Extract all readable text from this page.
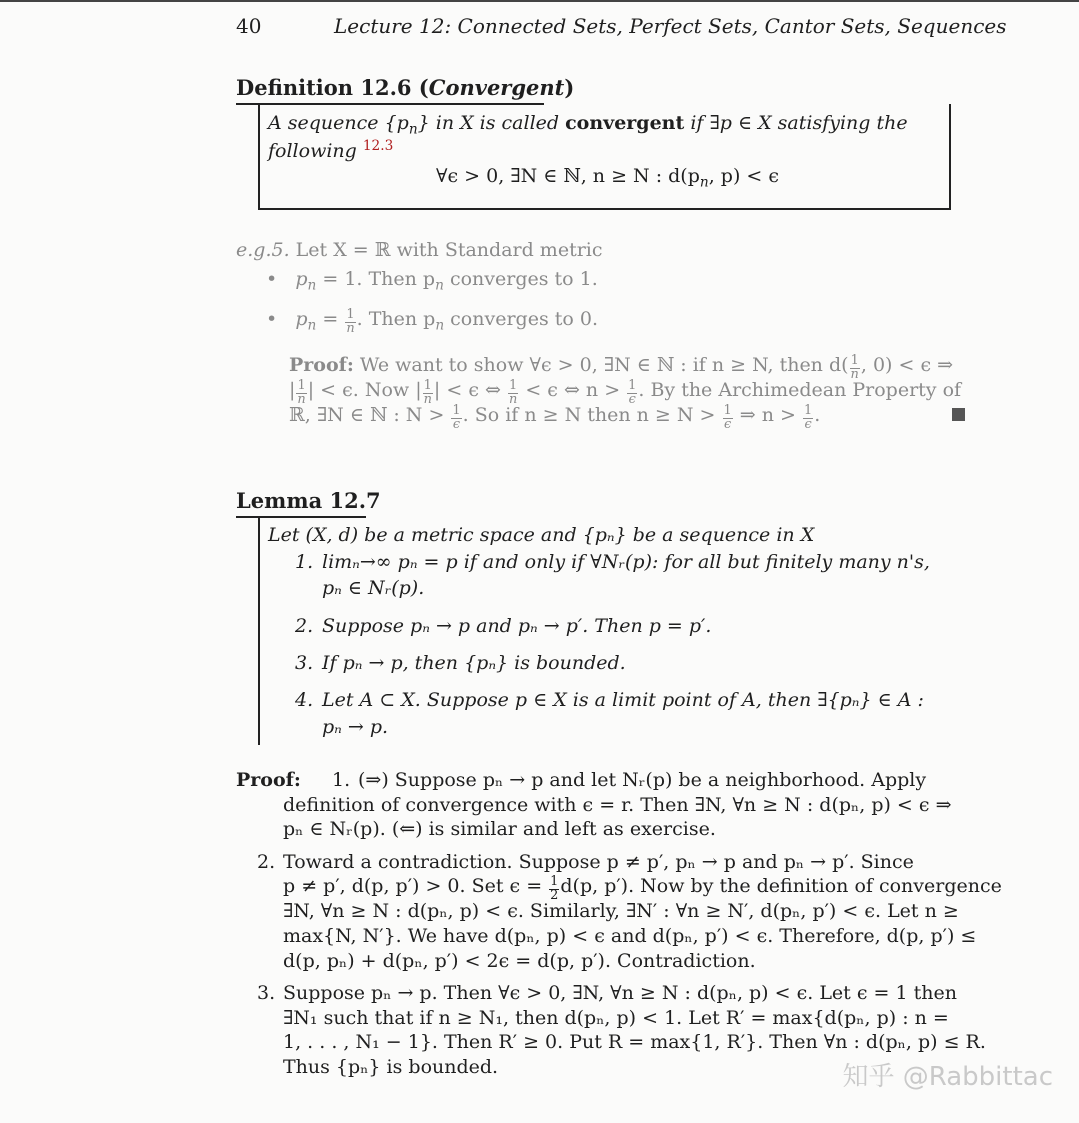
40	Lecture 12: Connected Sets, Perfect Sets, Cantor Sets, Sequences
Definition 12.6 (Convergent)
A sequence $\{p_n\}$ in X is called convergent if ∃p ∈ X satisfying the
following $^{12.3}$
∀ϵ > 0, ∃N ∈ ℕ, n ≥ N : $d(p_n$, p) < ϵ
e.g.5. Let X = ℝ with Standard metric
• $p_n = 1$. Then $p_n$ converges to 1.
• $p_n = \frac{1}{n}$ . Then $p_n$ converges to 0.
Proof: We want to show ∀ϵ > 0, ∃N ∈ ℕ : if n ≥ N, then $d( \frac{1}{n}$ , 0) < ϵ ⇒
| $\frac{1}{n}$ | < ϵ. Now | $\frac{1}{n}$ | < ϵ ⇔ $\frac{1}{n} < \epsilon$ ⇔ $n > \frac{1}{\epsilon}$ . By the Archimedean Property of
ℝ, ∃N ∈ ℕ : $N > \frac{1}{\epsilon}$ . So if n ≥ N then $n \ge N > \frac{1}{\epsilon}$ ⇒ $n > \frac{1}{\epsilon}$ .
Lemma 12.7
Let (X, d) be a metric space and {pₙ} be a sequence in X
1. limₙ→∞ pₙ = p if and only if ∀Nᵣ(p): for all but finitely many n's,
pₙ ∈ Nᵣ(p).
2. Suppose pₙ → p and pₙ → p′. Then p = p′.
3. If pₙ → p, then {pₙ} is bounded.
4. Let A ⊂ X. Suppose p ∈ X is a limit point of A, then ∃{pₙ} ∈ A :
pₙ → p.
Proof: 1. (⇒) Suppose pₙ → p and let Nᵣ(p) be a neighborhood. Apply
definition of convergence with ϵ = r. Then ∃N, ∀n ≥ N : d(pₙ, p) < ϵ ⇒
pₙ ∈ Nᵣ(p). (⇐) is similar and left as exercise.
2. Toward a contradiction. Suppose p ≠ p′, pₙ → p and pₙ → p′. Since
p ≠ p′, d(p, p′) > 0. Set $\epsilon = \frac{1}{2} d(p$, p′). Now by the definition of convergence
∃N, ∀n ≥ N : d(pₙ, p) < ϵ. Similarly, ∃N′ : ∀n ≥ N′, d(pₙ, p′) < ϵ. Let n ≥
max{N, N′}. We have d(pₙ, p) < ϵ and d(pₙ, p′) < ϵ. Therefore, d(p, p′) ≤
d(p, pₙ) + d(pₙ, p′) < 2ϵ = d(p, p′). Contradiction.
3. Suppose pₙ → p. Then ∀ϵ > 0, ∃N, ∀n ≥ N : d(pₙ, p) < ϵ. Let ϵ = 1 then
∃N₁ such that if n ≥ N₁, then d(pₙ, p) < 1. Let R′ = max{d(pₙ, p) : n =
1, . . . , N₁ − 1}. Then R′ ≥ 0. Put R = max{1, R′}. Then ∀n : d(pₙ, p) ≤ R.
Thus {pₙ} is bounded.	知乎 @Rabbittac
